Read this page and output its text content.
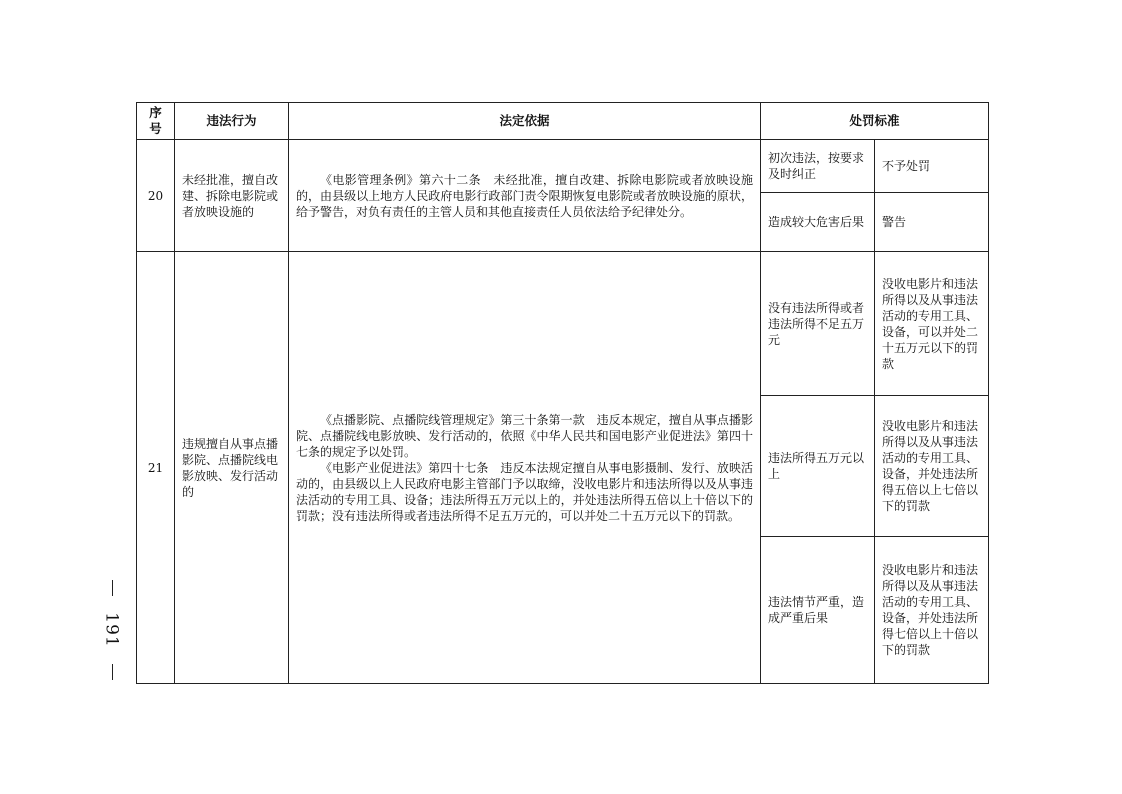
序号	违法行为	法定依据	处罚标准	
20	未经批准，擅自改建、拆除电影院或者放映设施的	《电影管理条例》第六十二条　未经批准，擅自改建、拆除电影院或者放映设施的，由县级以上地方人民政府电影行政部门责令限期恢复电影院或者放映设施的原状，给予警告，对负有责任的主管人员和其他直接责任人员依法给予纪律处分。	初次违法，按要求及时纠正	不予处罚
			造成较大危害后果	警告
21	违规擅自从事点播影院、点播院线电影放映、发行活动的	《点播影院、点播院线管理规定》第三十条第一款　违反本规定，擅自从事点播影院、点播院线电影放映、发行活动的，依照《中华人民共和国电影产业促进法》第四十七条的规定予以处罚。
《电影产业促进法》第四十七条　违反本法规定擅自从事电影摄制、发行、放映活动的，由县级以上人民政府电影主管部门予以取缔，没收电影片和违法所得以及从事违法活动的专用工具、设备；违法所得五万元以上的，并处违法所得五倍以上十倍以下的罚款；没有违法所得或者违法所得不足五万元的，可以并处二十五万元以下的罚款。	没有违法所得或者违法所得不足五万元	没收电影片和违法所得以及从事违法活动的专用工具、设备，可以并处二十五万元以下的罚款
			违法所得五万元以上	没收电影片和违法所得以及从事违法活动的专用工具、设备，并处违法所得五倍以上七倍以下的罚款
			违法情节严重，造成严重后果	没收电影片和违法所得以及从事违法活动的专用工具、设备，并处违法所得七倍以上十倍以下的罚款
191
